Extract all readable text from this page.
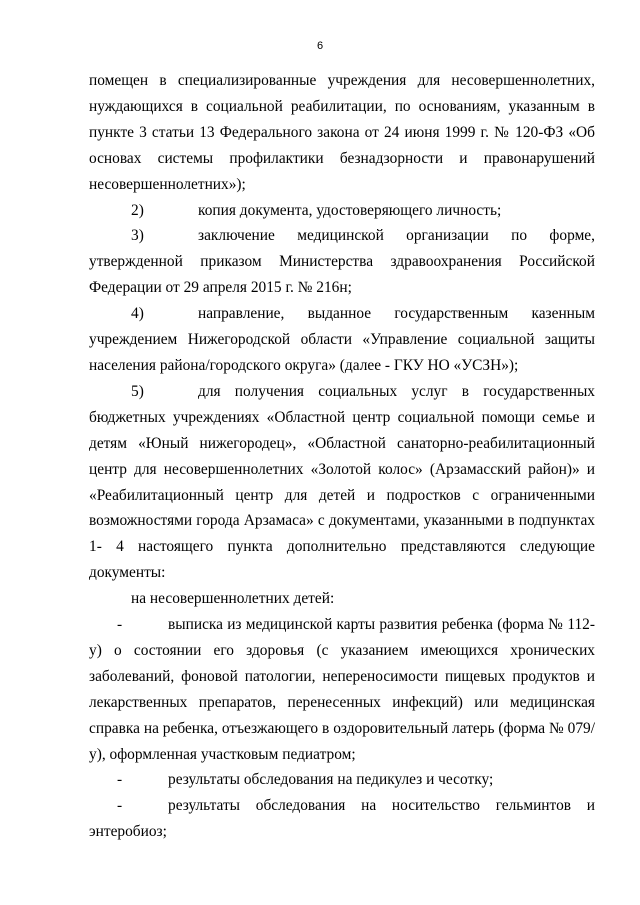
6

помещен в специализированные учреждения для несовершеннолетних, нуждающихся в социальной реабилитации, по основаниям, указанным в пункте 3 статьи 13 Федерального закона от 24 июня 1999 г. № 120-ФЗ «Об основах системы профилактики безнадзорности и правонарушений несовершеннолетних»);

2)	копия документа, удостоверяющего личность;

3)	заключение медицинской организации по форме, утвержденной приказом Министерства здравоохранения Российской Федерации от 29 апреля 2015 г. № 216н;

4)	направление, выданное государственным казенным учреждением Нижегородской области «Управление социальной защиты населения района/городского округа» (далее - ГКУ НО «УСЗН»);

5)	для получения социальных услуг в государственных бюджетных учреждениях «Областной центр социальной помощи семье и детям «Юный нижегородец», «Областной санаторно-реабилитационный центр для несовершеннолетних «Золотой колос» (Арзамасский район)» и «Реабилитационный центр для детей и подростков с ограниченными возможностями города Арзамаса» с документами, указанными в подпунктах 1- 4 настоящего пункта дополнительно представляются следующие документы:

на несовершеннолетних детей:

-	выписка из медицинской карты развития ребенка (форма № 112-у) о состоянии его здоровья (с указанием имеющихся хронических заболеваний, фоновой патологии, непереносимости пищевых продуктов и лекарственных препаратов, перенесенных инфекций) или медицинская справка на ребенка, отъезжающего в оздоровительный латерь (форма № 079/у), оформленная участковым педиатром;

-	результаты обследования на педикулез и чесотку;

-	результаты обследования на носительство гельминтов и энтеробиоз;
